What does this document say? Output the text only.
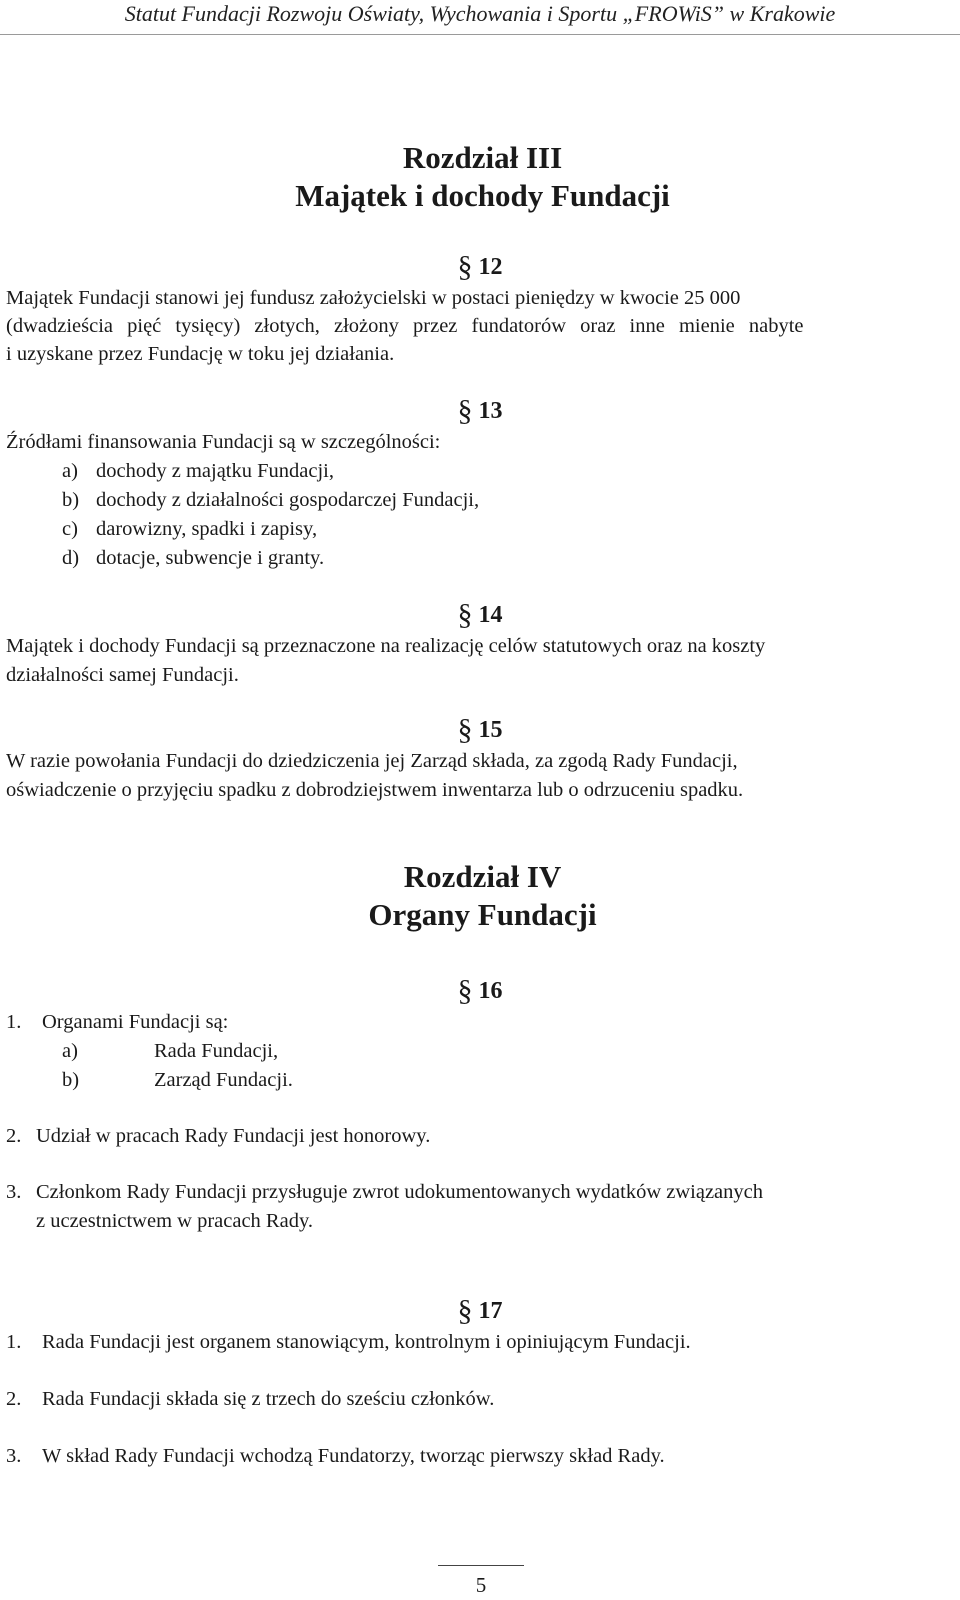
Statut Fundacji Rozwoju Oświaty, Wychowania i Sportu „FROWiS” w Krakowie
Rozdział III
Majątek i dochody Fundacji
§ 12
Majątek Fundacji stanowi jej fundusz założycielski w postaci pieniędzy w kwocie 25 000
(dwadzieścia pięć tysięcy) złotych, złożony przez fundatorów oraz inne mienie nabyte
i uzyskane przez Fundację w toku jej działania.
§ 13
Źródłami finansowania Fundacji są w szczególności:
a) dochody z majątku Fundacji,
b) dochody z działalności gospodarczej Fundacji,
c) darowizny, spadki i zapisy,
d) dotacje, subwencje i granty.
§ 14
Majątek i dochody Fundacji są przeznaczone na realizację celów statutowych oraz na koszty
działalności samej Fundacji.
§ 15
W razie powołania Fundacji do dziedziczenia jej Zarząd składa, za zgodą Rady Fundacji,
oświadczenie o przyjęciu spadku z dobrodziejstwem inwentarza lub o odrzuceniu spadku.
Rozdział IV
Organy Fundacji
§ 16
1. Organami Fundacji są:
a)	Rada Fundacji,
b)	Zarząd Fundacji.
2. Udział w pracach Rady Fundacji jest honorowy.
3. Członkom Rady Fundacji przysługuje zwrot udokumentowanych wydatków związanych
z uczestnictwem w pracach Rady.
§ 17
1. Rada Fundacji jest organem stanowiącym, kontrolnym i opiniującym Fundacji.
2. Rada Fundacji składa się z trzech do sześciu członków.
3. W skład Rady Fundacji wchodzą Fundatorzy, tworząc pierwszy skład Rady.
5
